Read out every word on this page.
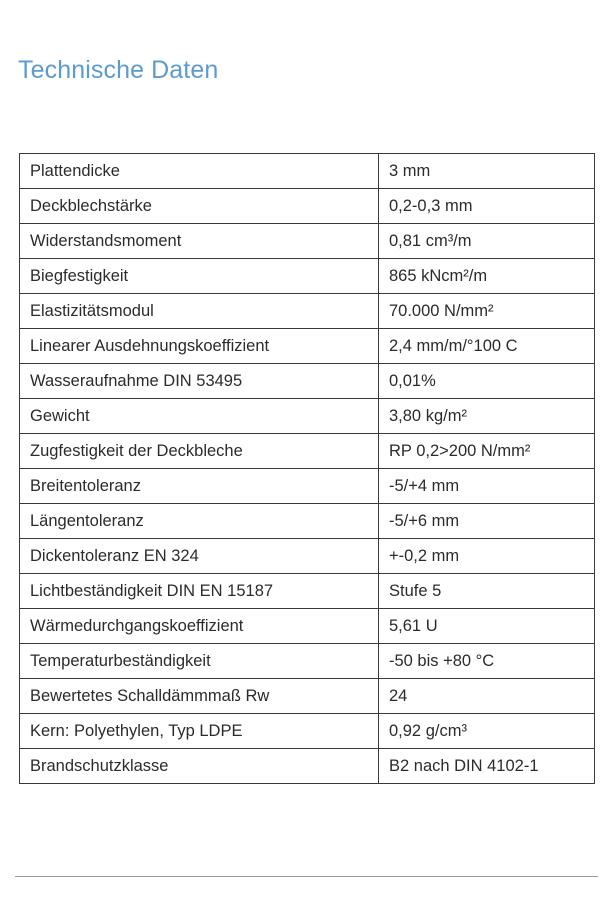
Technische Daten
Plattendicke	3 mm
Deckblechstärke	0,2-0,3 mm
Widerstandsmoment	0,81 cm³/m
Biegfestigkeit	865 kNcm²/m
Elastizitätsmodul	70.000 N/mm²
Linearer Ausdehnungskoeffizient	2,4 mm/m/°100 C
Wasseraufnahme DIN 53495	0,01%
Gewicht	3,80 kg/m²
Zugfestigkeit der Deckbleche	RP 0,2>200 N/mm²
Breitentoleranz	-5/+4 mm
Längentoleranz	-5/+6 mm
Dickentoleranz EN 324	+-0,2 mm
Lichtbeständigkeit DIN EN 15187	Stufe 5
Wärmedurchgangskoeffizient	5,61 U
Temperaturbeständigkeit	-50 bis +80 °C
Bewertetes Schalldämmmaß Rw	24
Kern: Polyethylen, Typ LDPE	0,92 g/cm³
Brandschutzklasse	B2 nach DIN 4102-1
